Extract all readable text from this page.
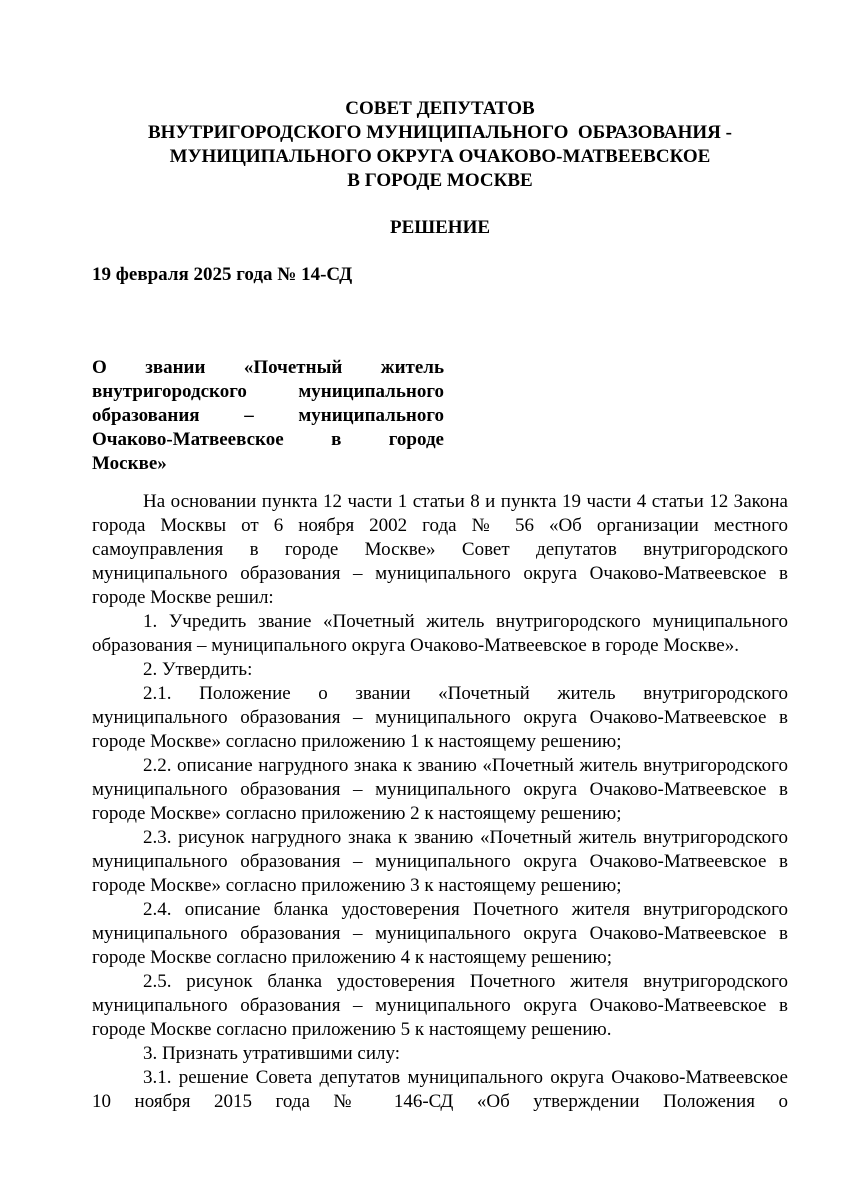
СОВЕТ ДЕПУТАТОВ
ВНУТРИГОРОДСКОГО МУНИЦИПАЛЬНОГО  ОБРАЗОВАНИЯ -
МУНИЦИПАЛЬНОГО ОКРУГА ОЧАКОВО-МАТВЕЕВСКОЕ
В ГОРОДЕ МОСКВЕ
РЕШЕНИЕ
19 февраля 2025 года № 14-СД
О звании «Почетный житель внутригородского муниципального образования – муниципального Очаково-Матвеевское в городе
Москве»

На основании пункта 12 части 1 статьи 8 и пункта 19 части 4 статьи 12 Закона города Москвы от 6 ноября 2002 года № 56 «Об организации местного самоуправления в городе Москве» Совет депутатов внутригородского муниципального образования – муниципального округа Очаково-Матвеевское в городе Москве решил:

1. Учредить звание «Почетный житель внутригородского муниципального образования – муниципального округа Очаково-Матвеевское в городе Москве».

2. Утвердить:

2.1. Положение о звании «Почетный житель внутригородского муниципального образования – муниципального округа Очаково-Матвеевское в городе Москве» согласно приложению 1 к настоящему решению;

2.2. описание нагрудного знака к званию «Почетный житель внутригородского муниципального образования – муниципального округа Очаково-Матвеевское в городе Москве» согласно приложению 2 к настоящему решению;

2.3. рисунок нагрудного знака к званию «Почетный житель внутригородского муниципального образования – муниципального округа Очаково-Матвеевское в городе Москве» согласно приложению 3 к настоящему решению;

2.4. описание бланка удостоверения Почетного жителя внутригородского муниципального образования – муниципального округа Очаково-Матвеевское в городе Москве согласно приложению 4 к настоящему решению;

2.5. рисунок бланка удостоверения Почетного жителя внутригородского муниципального образования – муниципального округа Очаково-Матвеевское в городе Москве согласно приложению 5 к настоящему решению.

3. Признать утратившими силу:

3.1. решение Совета депутатов муниципального округа Очаково-Матвеевское 10 ноября 2015 года № 146-СД «Об утверждении Положения о
